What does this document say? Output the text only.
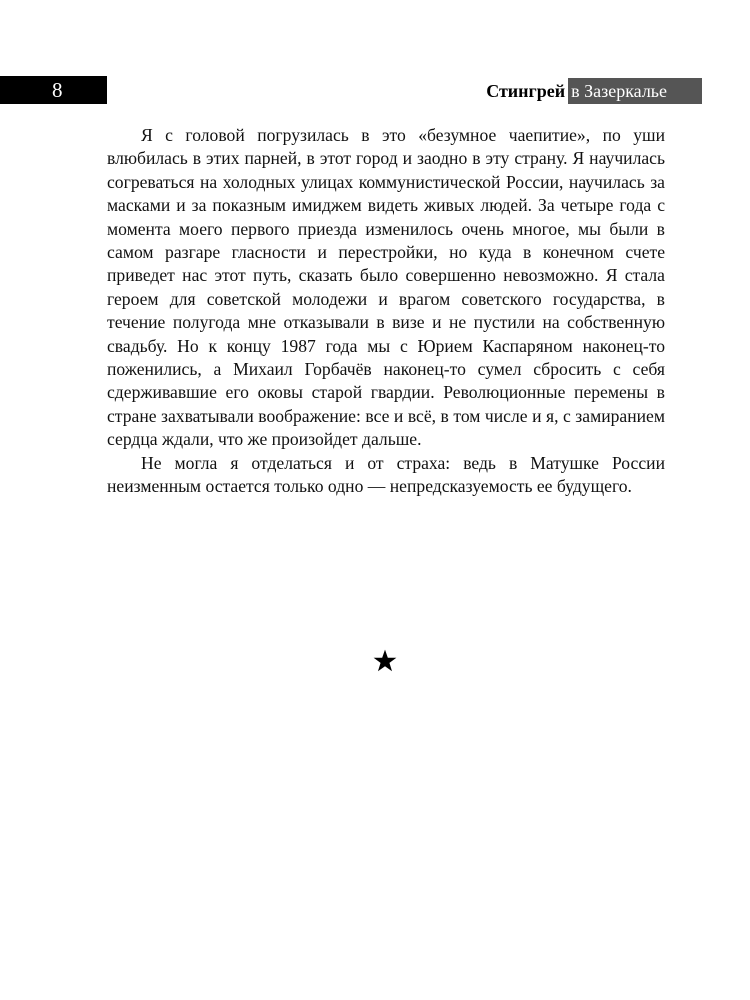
8	Стингрей в Зазеркалье

Я с головой погрузилась в это «безумное чаепитие», по уши влюбилась в этих парней, в этот город и заодно в эту страну. Я научилась согреваться на холодных улицах коммунистической России, научилась за масками и за показным имиджем видеть живых людей. За четыре года с момента моего первого приезда изменилось очень многое, мы были в самом разгаре гласности и перестройки, но куда в конечном счете приведет нас этот путь, сказать было совершенно невозможно. Я стала героем для советской молодежи и врагом советского государства, в течение полугода мне отказывали в визе и не пустили на собственную свадьбу. Но к концу 1987 года мы с Юрием Каспаряном наконец-то поженились, а Михаил Горбачёв наконец-то сумел сбросить с себя сдерживавшие его оковы старой гвардии. Революционные перемены в стране захватывали воображение: все и всё, в том числе и я, с замиранием сердца ждали, что же произойдет дальше.

Не могла я отделаться и от страха: ведь в Матушке России неизменным остается только одно — непредсказуемость ее будущего.
